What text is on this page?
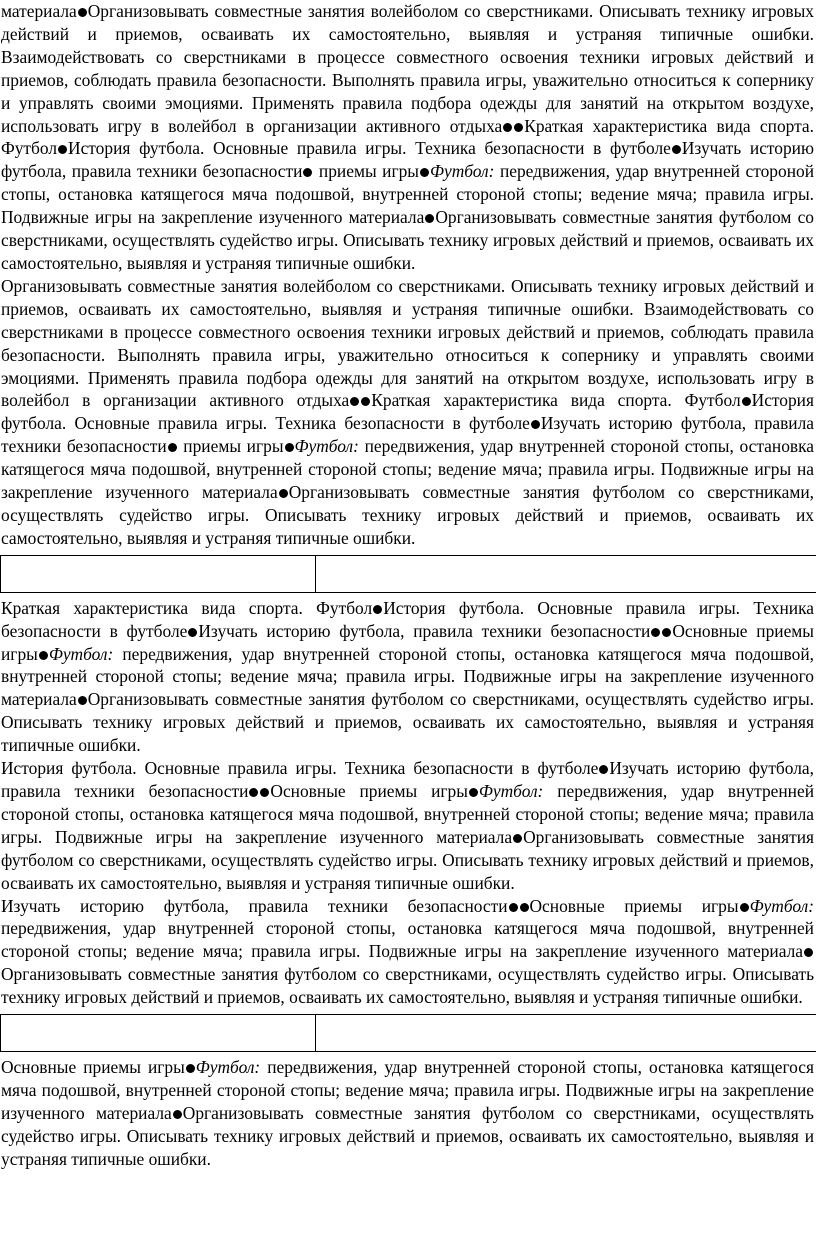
материала Организовывать совместные занятия волейболом со сверстниками. Описывать технику игровых действий и приемов, осваивать их самостоятельно, выявляя и устраняя типичные ошибки. Взаимодействовать со сверстниками в процессе совместного освоения техники игровых действий и приемов, соблюдать правила безопасности. Выполнять правила игры, уважительно относиться к сопернику и управлять своими эмоциями. Применять правила подбора одежды для занятий на открытом воздухе, использовать игру в волейбол в организации активного отдыха Краткая характеристика вида спорта. Футбол История футбола. Основные правила игры. Техника безопасности в футболе Изучать историю футбола, правила техники безопасности приемы игры Футбол: передвижения, удар внутренней стороной стопы, остановка катящегося мяча подошвой, внутренней стороной стопы; ведение мяча; правила игры. Подвижные игры на закрепление изученного материала Организовывать совместные занятия футболом со сверстниками, осуществлять судейство игры. Описывать технику игровых действий и приемов, осваивать их самостоятельно, выявляя и устраняя типичные ошибки.

Организовывать совместные занятия волейболом со сверстниками. Описывать технику игровых действий и приемов, осваивать их самостоятельно, выявляя и устраняя типичные ошибки. Взаимодействовать со сверстниками в процессе совместного освоения техники игровых действий и приемов, соблюдать правила безопасности. Выполнять правила игры, уважительно относиться к сопернику и управлять своими эмоциями. Применять правила подбора одежды для занятий на открытом воздухе, использовать игру в волейбол в организации активного отдыха Краткая характеристика вида спорта. Футбол История футбола. Основные правила игры. Техника безопасности в футболе Изучать историю футбола, правила техники безопасности приемы игры Футбол: передвижения, удар внутренней стороной стопы, остановка катящегося мяча подошвой, внутренней стороной стопы; ведение мяча; правила игры. Подвижные игры на закрепление изученного материала Организовывать совместные занятия футболом со сверстниками, осуществлять судейство игры. Описывать технику игровых действий и приемов, осваивать их самостоятельно, выявляя и устраняя типичные ошибки.

Краткая характеристика вида спорта. Футбол История футбола. Основные правила игры. Техника безопасности в футболе Изучать историю футбола, правила техники безопасности Основные приемы игры Футбол: передвижения, удар внутренней стороной стопы, остановка катящегося мяча подошвой, внутренней стороной стопы; ведение мяча; правила игры. Подвижные игры на закрепление изученного материала Организовывать совместные занятия футболом со сверстниками, осуществлять судейство игры. Описывать технику игровых действий и приемов, осваивать их самостоятельно, выявляя и устраняя типичные ошибки.

История футбола. Основные правила игры. Техника безопасности в футболе Изучать историю футбола, правила техники безопасности Основные приемы игры Футбол: передвижения, удар внутренней стороной стопы, остановка катящегося мяча подошвой, внутренней стороной стопы; ведение мяча; правила игры. Подвижные игры на закрепление изученного материала Организовывать совместные занятия футболом со сверстниками, осуществлять судейство игры. Описывать технику игровых действий и приемов, осваивать их самостоятельно, выявляя и устраняя типичные ошибки.

Изучать историю футбола, правила техники безопасности Основные приемы игры Футбол: передвижения, удар внутренней стороной стопы, остановка катящегося мяча подошвой, внутренней стороной стопы; ведение мяча; правила игры. Подвижные игры на закрепление изученного материалаОрганизовывать совместные занятия футболом со сверстниками, осуществлять судейство игры. Описывать технику игровых действий и приемов, осваивать их самостоятельно, выявляя и устраняя типичные ошибки.

Основные приемы игры Футбол: передвижения, удар внутренней стороной стопы, остановка катящегося мяча подошвой, внутренней стороной стопы; ведение мяча; правила игры. Подвижные игры на закрепление изученного материала Организовывать совместные занятия футболом со сверстниками, осуществлять судейство игры. Описывать технику игровых действий и приемов, осваивать их самостоятельно, выявляя и устраняя типичные ошибки.
